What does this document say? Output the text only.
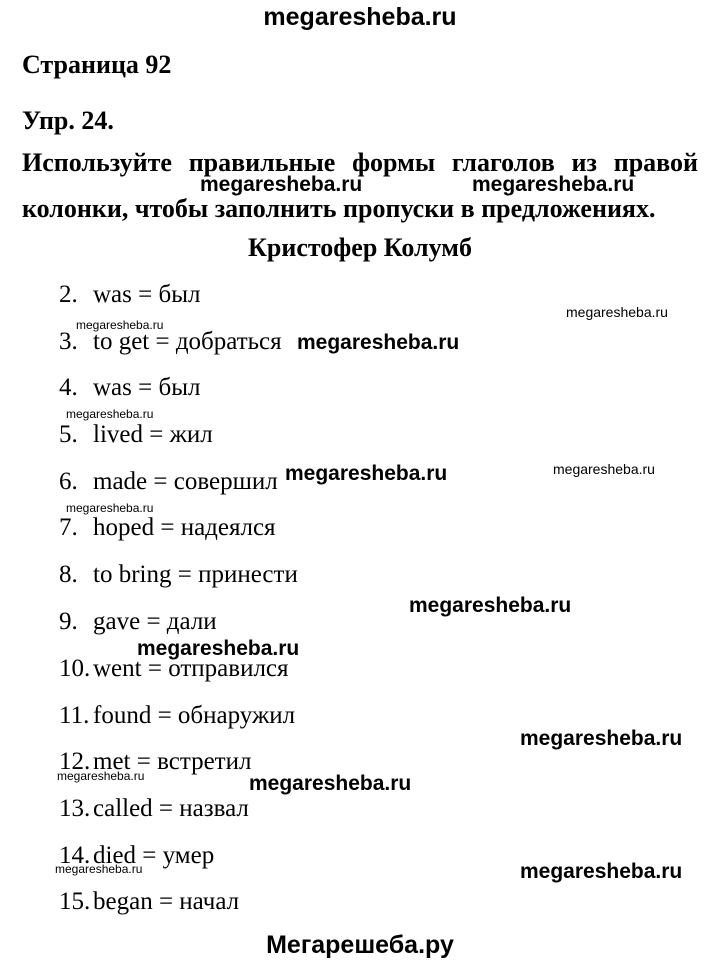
megaresheba.ru
Страница 92
Упр. 24.
Используйте правильные формы глаголов из правой колонки, чтобы заполнить пропуски в предложениях.
Кристофер Колумб
2. was = был
3. to get = добраться
4. was = был
5. lived = жил
6. made = совершил
7. hoped = надеялся
8. to bring = принести
9. gave = дали
10. went = отправился
11. found = обнаружил
12. met = встретил
13. called = назвал
14. died = умер
15. began = начал
megaresheba.ru	megaresheba.ru
megaresheba.ru
megaresheba.ru
megaresheba.ru
megaresheba.ru
megaresheba.ru	megaresheba.ru
megaresheba.ru
megaresheba.ru
megaresheba.ru
megaresheba.ru
megaresheba.ru
megaresheba.ru
megaresheba.ru
megaresheba.ru
Мегарешеба.ру
